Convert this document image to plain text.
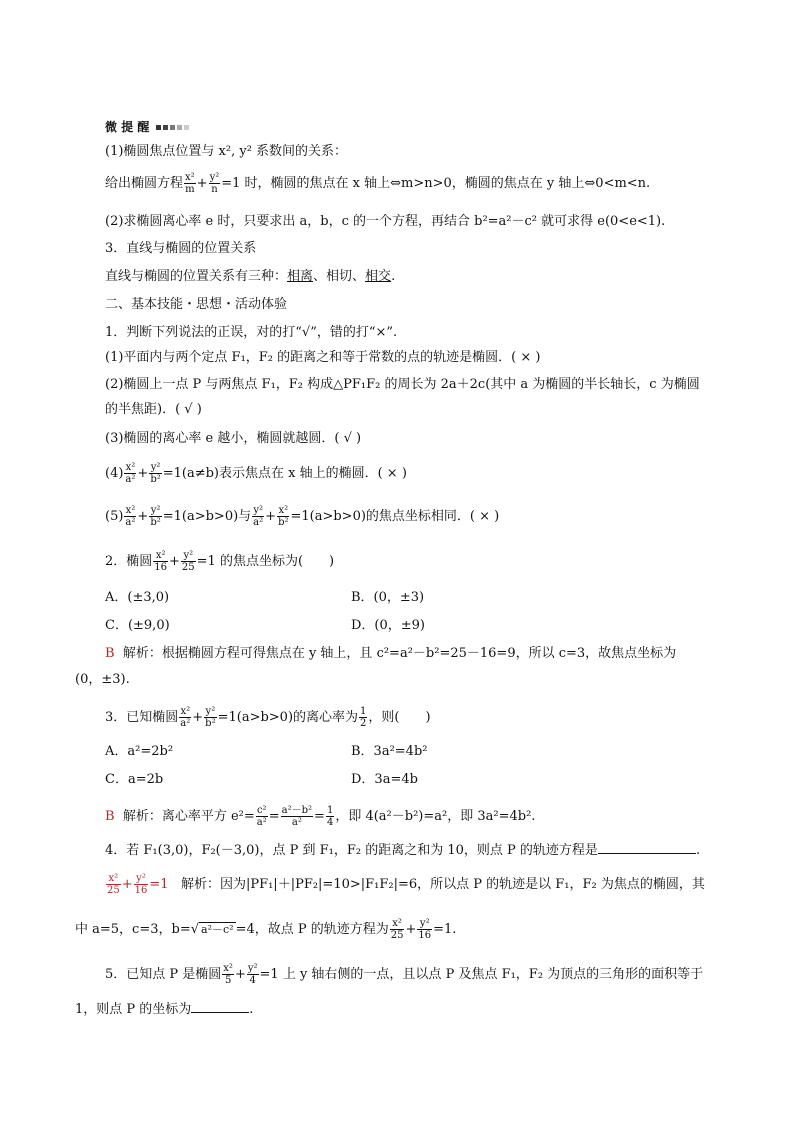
微 提 醒
(1)椭圆焦点位置与 x², y² 系数间的关系：
给出椭圆方程 $\frac{\text{x²}}{m} + \frac{\text{y²}}{n} =1$ 时，椭圆的焦点在 x 轴上⇔m>n>0，椭圆的焦点在 y 轴上⇔0<m<n.
(2)求椭圆离心率 e 时，只要求出 a，b，c 的一个方程，再结合 b²=a²－c² 就可求得 e(0<e<1).
3．直线与椭圆的位置关系
直线与椭圆的位置关系有三种：相离、相切、相交.
二、基本技能・思想・活动体验
1．判断下列说法的正误，对的打“√”，错的打“×”.
(1)平面内与两个定点 F₁，F₂ 的距离之和等于常数的点的轨迹是椭圆．( × )
(2)椭圆上一点 P 与两焦点 F₁，F₂ 构成△PF₁F₂ 的周长为 2a＋2c(其中 a 为椭圆的半长轴长，c 为椭圆
的半焦距)．( √ )
(3)椭圆的离心率 e 越小，椭圆就越圆．( √ )
$(4) \frac{\text{x²}}{\text{a²}} + \frac{\text{y²}}{\text{b²}} =1(a\ne b)$表示焦点在 x 轴上的椭圆．( × )
$(5) \frac{\text{x²}}{\text{a²}} + \frac{\text{y²}}{\text{b²}} =1(a>b>0)$与 $\frac{\text{y²}}{\text{a²}} + \frac{\text{x²}}{\text{b²}} =1(a>b>0)$的焦点坐标相同．( × )
2．椭圆 $\frac{\text{x²}}{16} + \frac{\text{y²}}{25} =1$ 的焦点坐标为(　　)
A．(±3,0)	B．(0，±3)
C．(±9,0)	D．(0，±9)
B 解析：根据椭圆方程可得焦点在 y 轴上，且 c²=a²－b²=25－16=9，所以 c=3，故焦点坐标为
(0，±3).
3．已知椭圆 $\frac{\text{x²}}{\text{a²}} + \frac{\text{y²}}{\text{b²}} =1(a>b>0)$的离心率为 $\frac{1}{2}$ ，则(　　)
A．a²=2b²	B．3a²=4b²
C．a=2b	D．3a=4b
B 解析：离心率平方 $e^2= \frac{\text{c²}}{\text{a²}} = \frac{\text{a²－b²}}{\text{a²}} = \frac{1}{4}$ ，即 4(a²－b²)=a²，即 3a²=4b².
4．若 F₁(3,0)，F₂(－3,0)，点 P 到 F₁，F₂ 的距离之和为 10，则点 P 的轨迹方程是	.
$\frac{\text{x²}}{25} + \frac{\text{y²}}{16} =1$ 解析：因为|PF₁|＋|PF₂|=10>|F₁F₂|=6，所以点 P 的轨迹是以 F₁，F₂ 为焦点的椭圆，其
中 a=5，c=3，b=√ a²－c² =4，故点 P 的轨迹方程为 $\frac{\text{x²}}{25} + \frac{\text{y²}}{16} =1$.
5．已知点 P 是椭圆 $\frac{\text{x²}}{5} + \frac{\text{y²}}{4} =1$ 上 y 轴右侧的一点，且以点 P 及焦点 F₁，F₂ 为顶点的三角形的面积等于
1，则点 P 的坐标为	.
